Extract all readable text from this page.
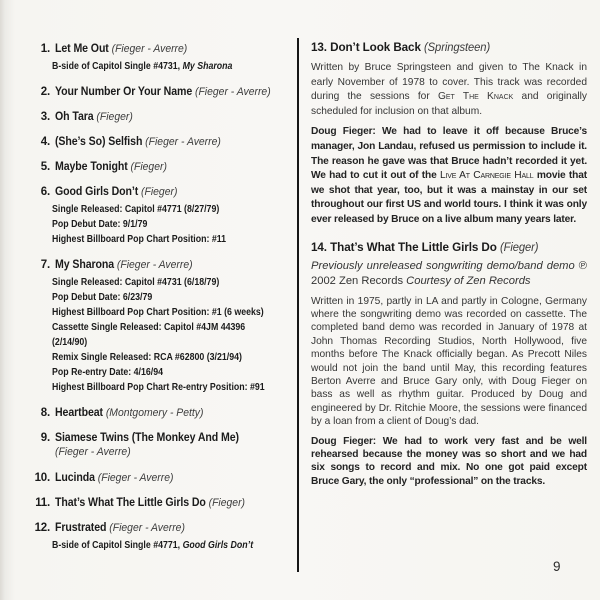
1. Let Me Out (Fieger - Averre)
B-side of Capitol Single #4731, My Sharona
2. Your Number Or Your Name (Fieger - Averre)
3. Oh Tara (Fieger)
4. (She’s So) Selfish (Fieger - Averre)
5. Maybe Tonight (Fieger)
6. Good Girls Don’t (Fieger)
Single Released: Capitol #4771 (8/27/79)
Pop Debut Date: 9/1/79
Highest Billboard Pop Chart Position: #11
7. My Sharona (Fieger - Averre)
Single Released: Capitol #4731 (6/18/79)
Pop Debut Date: 6/23/79
Highest Billboard Pop Chart Position: #1 (6 weeks)
Cassette Single Released: Capitol #4JM 44396
(2/14/90)
Remix Single Released: RCA #62800 (3/21/94)
Pop Re-entry Date: 4/16/94
Highest Billboard Pop Chart Re-entry Position: #91
8. Heartbeat (Montgomery - Petty)
9. Siamese Twins (The Monkey And Me)
(Fieger - Averre)
10. Lucinda (Fieger - Averre)
11. That’s What The Little Girls Do (Fieger)
12. Frustrated (Fieger - Averre)
B-side of Capitol Single #4771, Good Girls Don’t
13. Don’t Look Back (Springsteen)

Written by Bruce Springsteen and given to The Knack in early November of 1978 to cover. This track was recorded during the sessions for Get The Knack and originally scheduled for inclusion on that album.

Doug Fieger: We had to leave it off because Bruce’s manager, Jon Landau, refused us permission to include it. The reason he gave was that Bruce hadn’t recorded it yet. We had to cut it out of the Live At Carnegie Hall movie that we shot that year, too, but it was a mainstay in our set throughout our first US and world tours. I think it was only ever released by Bruce on a live album many years later.

14. That’s What The Little Girls Do (Fieger)
Previously unreleased songwriting demo/band demo ℗ 2002 Zen Records Courtesy of Zen Records

Written in 1975, partly in LA and partly in Cologne, Germany where the songwriting demo was recorded on cassette. The completed band demo was recorded in January of 1978 at John Thomas Recording Studios, North Hollywood, five months before The Knack officially began. As Precott Niles would not join the band until May, this recording features Berton Averre and Bruce Gary only, with Doug Fieger on bass as well as rhythm guitar. Produced by Doug and engineered by Dr. Ritchie Moore, the sessions were financed by a loan from a client of Doug’s dad.

Doug Fieger: We had to work very fast and be well rehearsed because the money was so short and we had six songs to record and mix. No one got paid except Bruce Gary, the only “professional” on the tracks.

9
